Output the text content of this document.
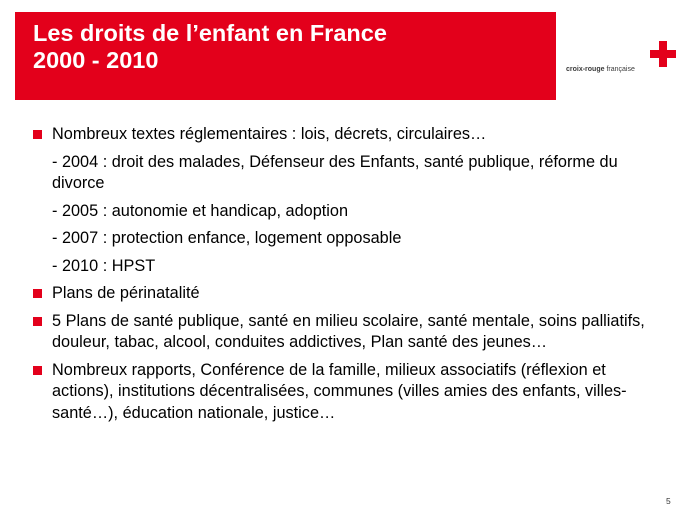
Les droits de l’enfant en France
2000 - 2010	croix-rouge française
Nombreux textes réglementaires : lois, décrets, circulaires…
- 2004 : droit des malades, Défenseur des Enfants, santé publique, réforme du divorce
- 2005 : autonomie et handicap, adoption
- 2007 : protection enfance, logement opposable
- 2010 : HPST
Plans de périnatalité
5 Plans de santé publique, santé en milieu scolaire, santé mentale, soins palliatifs, douleur, tabac, alcool, conduites addictives, Plan santé des jeunes…
Nombreux rapports, Conférence de la famille, milieux associatifs (réflexion et actions), institutions décentralisées, communes (villes amies des enfants, villes-santé…), éducation nationale, justice…
5
